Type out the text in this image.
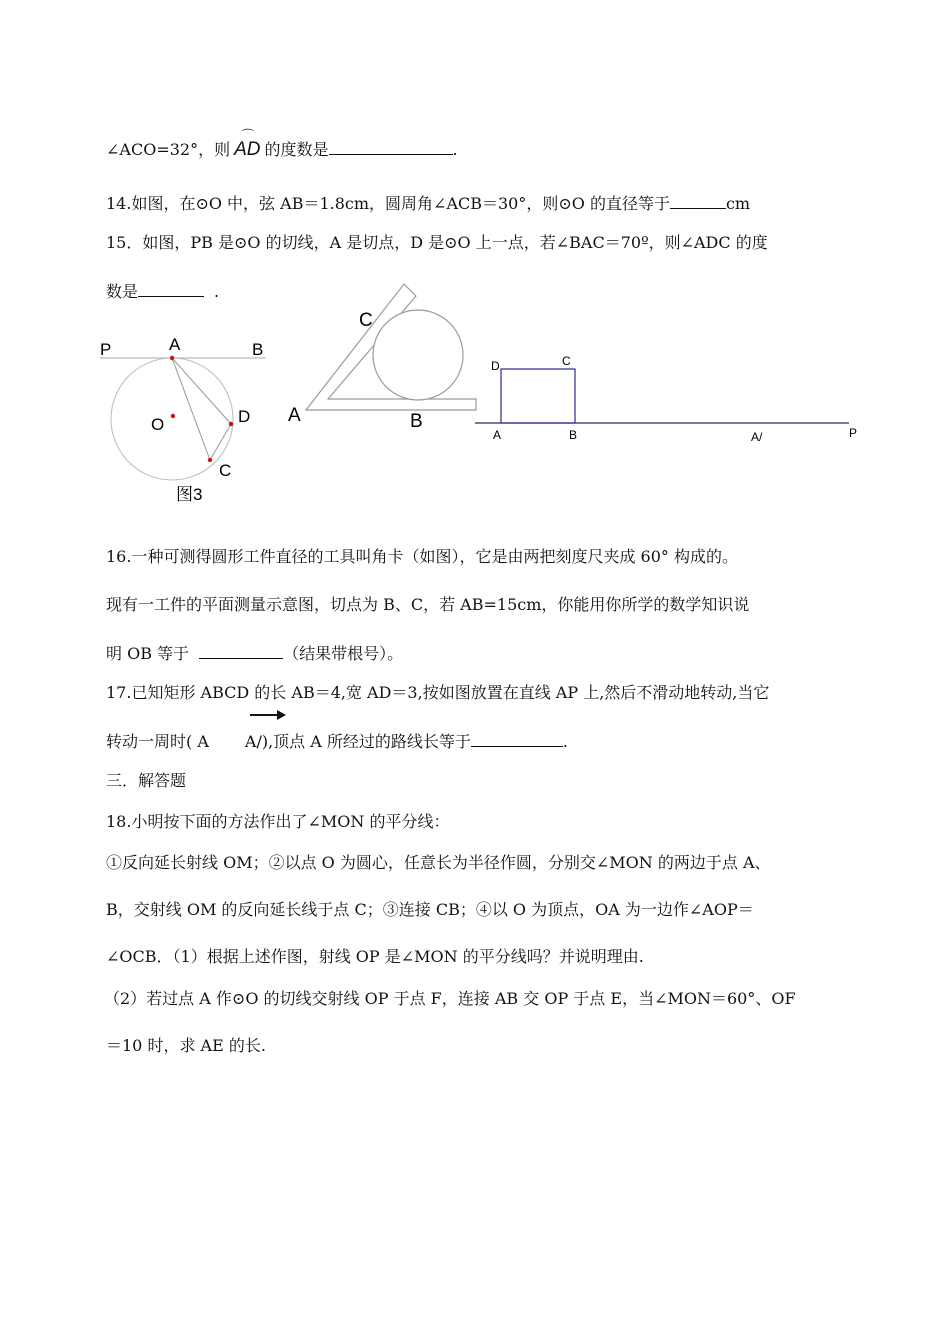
∠ACO=32°，则
⌒
AD 的度数是	.
14.如图，在⊙O 中，弦 AB＝1.8cm，圆周角∠ACB＝30°，则⊙O 的直径等于	cm
15．如图，PB 是⊙O 的切线，A 是切点，D 是⊙O 上一点，若∠BAC＝70º，则∠ADC 的度
数是	.
P	A	B
O	D
C
图3
C
A	B
D	C
A	B	A/	P
16.一种可测得圆形工件直径的工具叫角卡（如图），它是由两把刻度尺夹成 60° 构成的。
现有一工件的平面测量示意图，切点为 B、C，若 AB=15cm，你能用你所学的数学知识说
明 OB 等于	（结果带根号）。
17.已知矩形 ABCD 的长 AB＝4,宽 AD＝3,按如图放置在直线 AP 上,然后不滑动地转动,当它
转动一周时( A A/),顶点 A 所经过的路线长等于	.
三．解答题
18.小明按下面的方法作出了∠MON 的平分线：
①反向延长射线 OM；②以点 O 为圆心，任意长为半径作圆，分别交∠MON 的两边于点 A、
B，交射线 OM 的反向延长线于点 C；③连接 CB；④以 O 为顶点，OA 为一边作∠AOP＝
∠OCB．（1）根据上述作图，射线 OP 是∠MON 的平分线吗？并说明理由.
（2）若过点 A 作⊙O 的切线交射线 OP 于点 F，连接 AB 交 OP 于点 E，当∠MON＝60°、OF
＝10 时，求 AE 的长.
